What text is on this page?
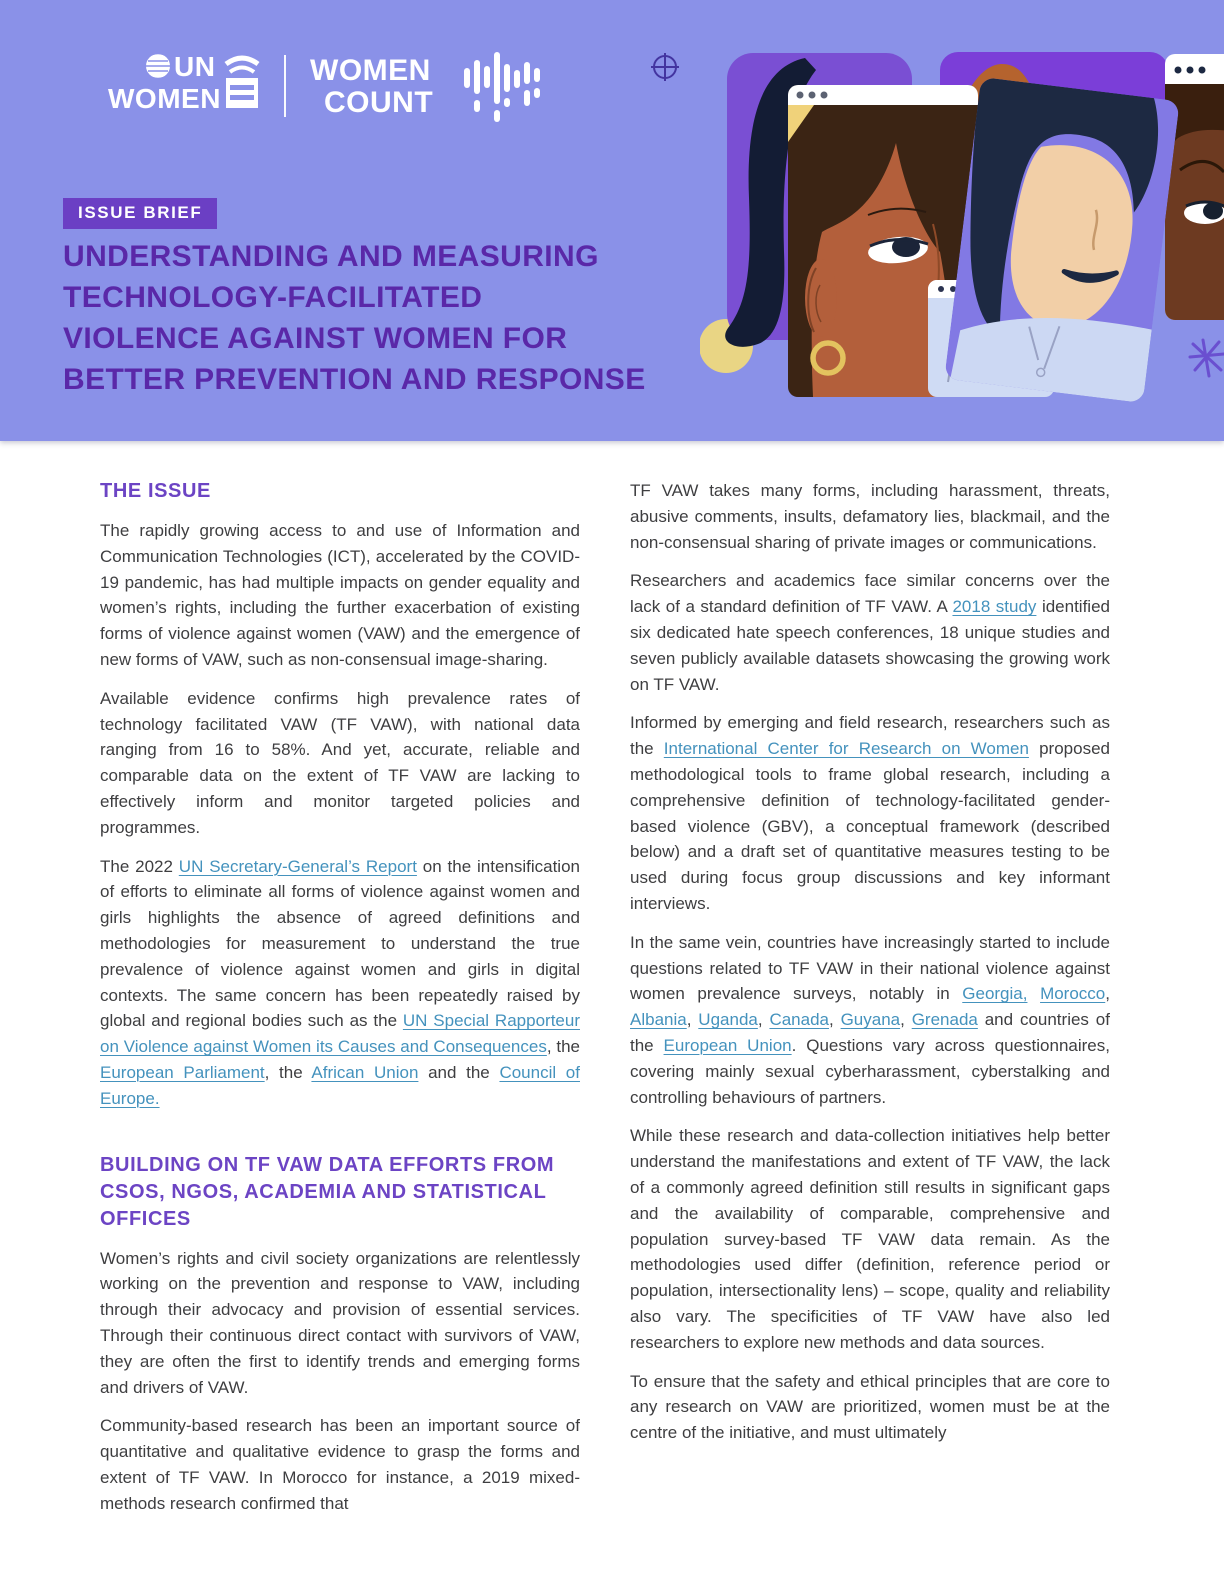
UN
WOMEN
WOMEN
COUNT
ISSUE BRIEF
UNDERSTANDING AND MEASURING
TECHNOLOGY-FACILITATED
VIOLENCE AGAINST WOMEN FOR
BETTER PREVENTION AND RESPONSE
THE ISSUE

The rapidly growing access to and use of Information and Communication Technologies (ICT), accelerated by the COVID-19 pandemic, has had multiple impacts on gender equality and women’s rights, including the further exacerbation of existing forms of violence against women (VAW) and the emergence of new forms of VAW, such as non-consensual image-sharing.

Available evidence confirms high prevalence rates of technology facilitated VAW (TF VAW), with national data ranging from 16 to 58%. And yet, accurate, reliable and comparable data on the extent of TF VAW are lacking to effectively inform and monitor targeted policies and programmes.

The 2022 UN Secretary-General’s Report on the intensification of efforts to eliminate all forms of violence against women and girls highlights the absence of agreed definitions and methodologies for measurement to understand the true prevalence of violence against women and girls in digital contexts. The same concern has been repeatedly raised by global and regional bodies such as the UN Special Rapporteur on Violence against Women its Causes and Consequences, the European Parliament, the African Union and the Council of Europe.

BUILDING ON TF VAW DATA EFFORTS FROM CSOS, NGOS, ACADEMIA AND STATISTICAL OFFICES

Women’s rights and civil society organizations are relentlessly working on the prevention and response to VAW, including through their advocacy and provision of essential services. Through their continuous direct contact with survivors of VAW, they are often the first to identify trends and emerging forms and drivers of VAW.

Community-based research has been an important source of quantitative and qualitative evidence to grasp the forms and extent of TF VAW. In Morocco for instance, a 2019 mixed-methods research confirmed that

TF VAW takes many forms, including harassment, threats, abusive comments, insults, defamatory lies, blackmail, and the non-consensual sharing of private images or communications.

Researchers and academics face similar concerns over the lack of a standard definition of TF VAW. A 2018 study identified six dedicated hate speech conferences, 18 unique studies and seven publicly available datasets showcasing the growing work on TF VAW.

Informed by emerging and field research, researchers such as the International Center for Research on Women proposed methodological tools to frame global research, including a comprehensive definition of technology-facilitated gender-based violence (GBV), a conceptual framework (described below) and a draft set of quantitative measures testing to be used during focus group discussions and key informant interviews.

In the same vein, countries have increasingly started to include questions related to TF VAW in their national violence against women prevalence surveys, notably in Georgia, Morocco, Albania, Uganda, Canada, Guyana, Grenada and countries of the European Union. Questions vary across questionnaires, covering mainly sexual cyberharassment, cyberstalking and controlling behaviours of partners.

While these research and data-collection initiatives help better understand the manifestations and extent of TF VAW, the lack of a commonly agreed definition still results in significant gaps and the availability of comparable, comprehensive and population survey-based TF VAW data remain. As the methodologies used differ (definition, reference period or population, intersectionality lens) – scope, quality and reliability also vary. The specificities of TF VAW have also led researchers to explore new methods and data sources.

To ensure that the safety and ethical principles that are core to any research on VAW are prioritized, women must be at the centre of the initiative, and must ultimately
